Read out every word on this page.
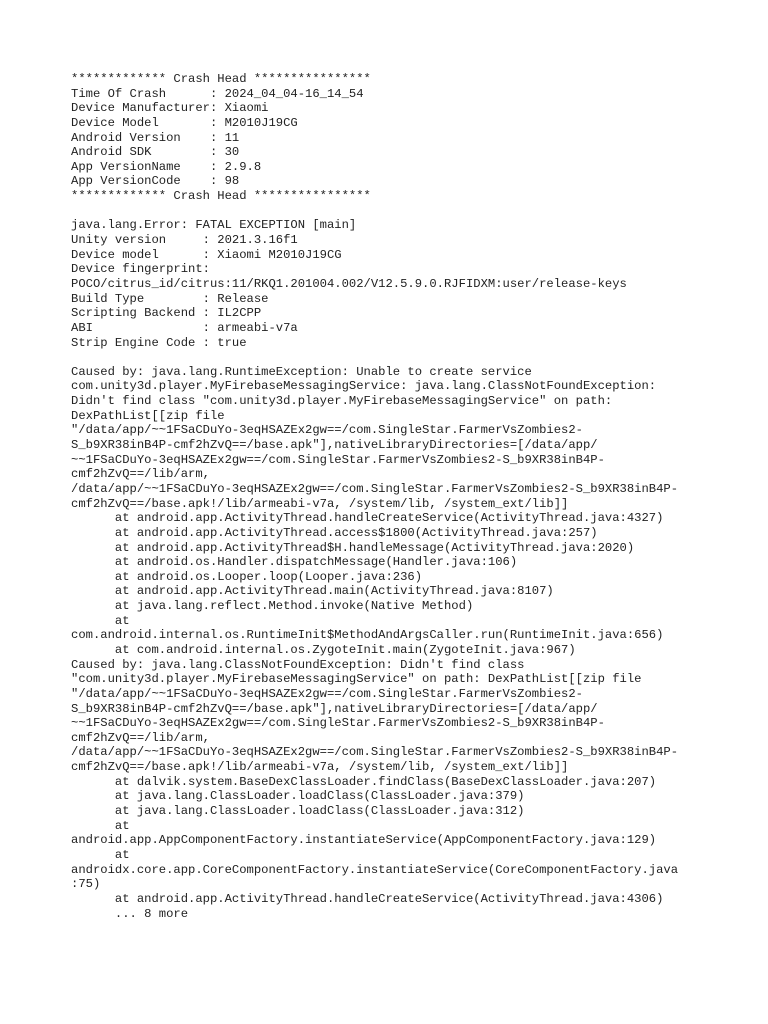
************* Crash Head ****************
Time Of Crash      : 2024_04_04-16_14_54
Device Manufacturer: Xiaomi
Device Model       : M2010J19CG
Android Version    : 11
Android SDK        : 30
App VersionName    : 2.9.8
App VersionCode    : 98
************* Crash Head ****************
java.lang.Error: FATAL EXCEPTION [main]
Unity version     : 2021.3.16f1
Device model      : Xiaomi M2010J19CG
Device fingerprint:
POCO/citrus_id/citrus:11/RKQ1.201004.002/V12.5.9.0.RJFIDXM:user/release-keys
Build Type        : Release
Scripting Backend : IL2CPP
ABI               : armeabi-v7a
Strip Engine Code : true
Caused by: java.lang.RuntimeException: Unable to create service
com.unity3d.player.MyFirebaseMessagingService: java.lang.ClassNotFoundException:
Didn't find class "com.unity3d.player.MyFirebaseMessagingService" on path:
DexPathList[[zip file
"/data/app/~~1FSaCDuYo-3eqHSAZEx2gw==/com.SingleStar.FarmerVsZombies2-
S_b9XR38inB4P-cmf2hZvQ==/base.apk"],nativeLibraryDirectories=[/data/app/
~~1FSaCDuYo-3eqHSAZEx2gw==/com.SingleStar.FarmerVsZombies2-S_b9XR38inB4P-
cmf2hZvQ==/lib/arm,
/data/app/~~1FSaCDuYo-3eqHSAZEx2gw==/com.SingleStar.FarmerVsZombies2-S_b9XR38inB4P-
cmf2hZvQ==/base.apk!/lib/armeabi-v7a, /system/lib, /system_ext/lib]]
at android.app.ActivityThread.handleCreateService(ActivityThread.java:4327)
at android.app.ActivityThread.access$1800(ActivityThread.java:257)
at android.app.ActivityThread$H.handleMessage(ActivityThread.java:2020)
at android.os.Handler.dispatchMessage(Handler.java:106)
at android.os.Looper.loop(Looper.java:236)
at android.app.ActivityThread.main(ActivityThread.java:8107)
at java.lang.reflect.Method.invoke(Native Method)
at
com.android.internal.os.RuntimeInit$MethodAndArgsCaller.run(RuntimeInit.java:656)
at com.android.internal.os.ZygoteInit.main(ZygoteInit.java:967)
Caused by: java.lang.ClassNotFoundException: Didn't find class
"com.unity3d.player.MyFirebaseMessagingService" on path: DexPathList[[zip file
"/data/app/~~1FSaCDuYo-3eqHSAZEx2gw==/com.SingleStar.FarmerVsZombies2-
S_b9XR38inB4P-cmf2hZvQ==/base.apk"],nativeLibraryDirectories=[/data/app/
~~1FSaCDuYo-3eqHSAZEx2gw==/com.SingleStar.FarmerVsZombies2-S_b9XR38inB4P-
cmf2hZvQ==/lib/arm,
/data/app/~~1FSaCDuYo-3eqHSAZEx2gw==/com.SingleStar.FarmerVsZombies2-S_b9XR38inB4P-
cmf2hZvQ==/base.apk!/lib/armeabi-v7a, /system/lib, /system_ext/lib]]
at dalvik.system.BaseDexClassLoader.findClass(BaseDexClassLoader.java:207)
at java.lang.ClassLoader.loadClass(ClassLoader.java:379)
at java.lang.ClassLoader.loadClass(ClassLoader.java:312)
at
android.app.AppComponentFactory.instantiateService(AppComponentFactory.java:129)
at
androidx.core.app.CoreComponentFactory.instantiateService(CoreComponentFactory.java
:75)
at android.app.ActivityThread.handleCreateService(ActivityThread.java:4306)
... 8 more
